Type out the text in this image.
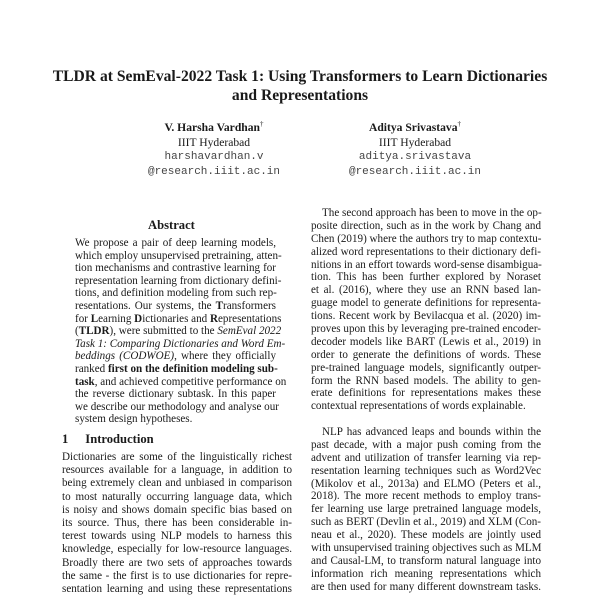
TLDR at SemEval-2022 Task 1: Using Transformers to Learn Dictionaries
and Representations
V. Harsha Vardhan†
IIIT Hyderabad
harshavardhan.v
@research.iiit.ac.in
Aditya Srivastava†
IIIT Hyderabad
aditya.srivastava
@research.iiit.ac.in
Abstract
We propose a pair of deep learning models,
which employ unsupervised pretraining, atten-
tion mechanisms and contrastive learning for
representation learning from dictionary defini-
tions, and definition modeling from such rep-
resentations. Our systems, the Transformers
for Learning Dictionaries and Representations
(TLDR), were submitted to the SemEval 2022
Task 1: Comparing Dictionaries and Word Em-
beddings (CODWOE), where they officially
ranked first on the definition modeling sub-
task, and achieved competitive performance on
the reverse dictionary subtask. In this paper
we describe our methodology and analyse our
system design hypotheses.
1 Introduction
Dictionaries are some of the linguistically richest
resources available for a language, in addition to
being extremely clean and unbiased in comparison
to most naturally occurring language data, which
is noisy and shows domain specific bias based on
its source. Thus, there has been considerable in-
terest towards using NLP models to harness this
knowledge, especially for low-resource languages.
Broadly there are two sets of approaches towards
the same - the first is to use dictionaries for repre-
sentation learning and using these representations
The second approach has been to move in the op-
posite direction, such as in the work by Chang and
Chen (2019) where the authors try to map contextu-
alized word representations to their dictionary defi-
nitions in an effort towards word-sense disambigua-
tion. This has been further explored by Noraset
et al. (2016), where they use an RNN based lan-
guage model to generate definitions for representa-
tions. Recent work by Bevilacqua et al. (2020) im-
proves upon this by leveraging pre-trained encoder-
decoder models like BART (Lewis et al., 2019) in
order to generate the definitions of words. These
pre-trained language models, significantly outper-
form the RNN based models. The ability to gen-
erate definitions for representations makes these
contextual representations of words explainable.
NLP has advanced leaps and bounds within the
past decade, with a major push coming from the
advent and utilization of transfer learning via rep-
resentation learning techniques such as Word2Vec
(Mikolov et al., 2013a) and ELMO (Peters et al.,
2018). The more recent methods to employ trans-
fer learning use large pretrained language models,
such as BERT (Devlin et al., 2019) and XLM (Con-
neau et al., 2020). These models are jointly used
with unsupervised training objectives such as MLM
and Causal-LM, to transform natural language into
information rich meaning representations which
are then used for many different downstream tasks.
